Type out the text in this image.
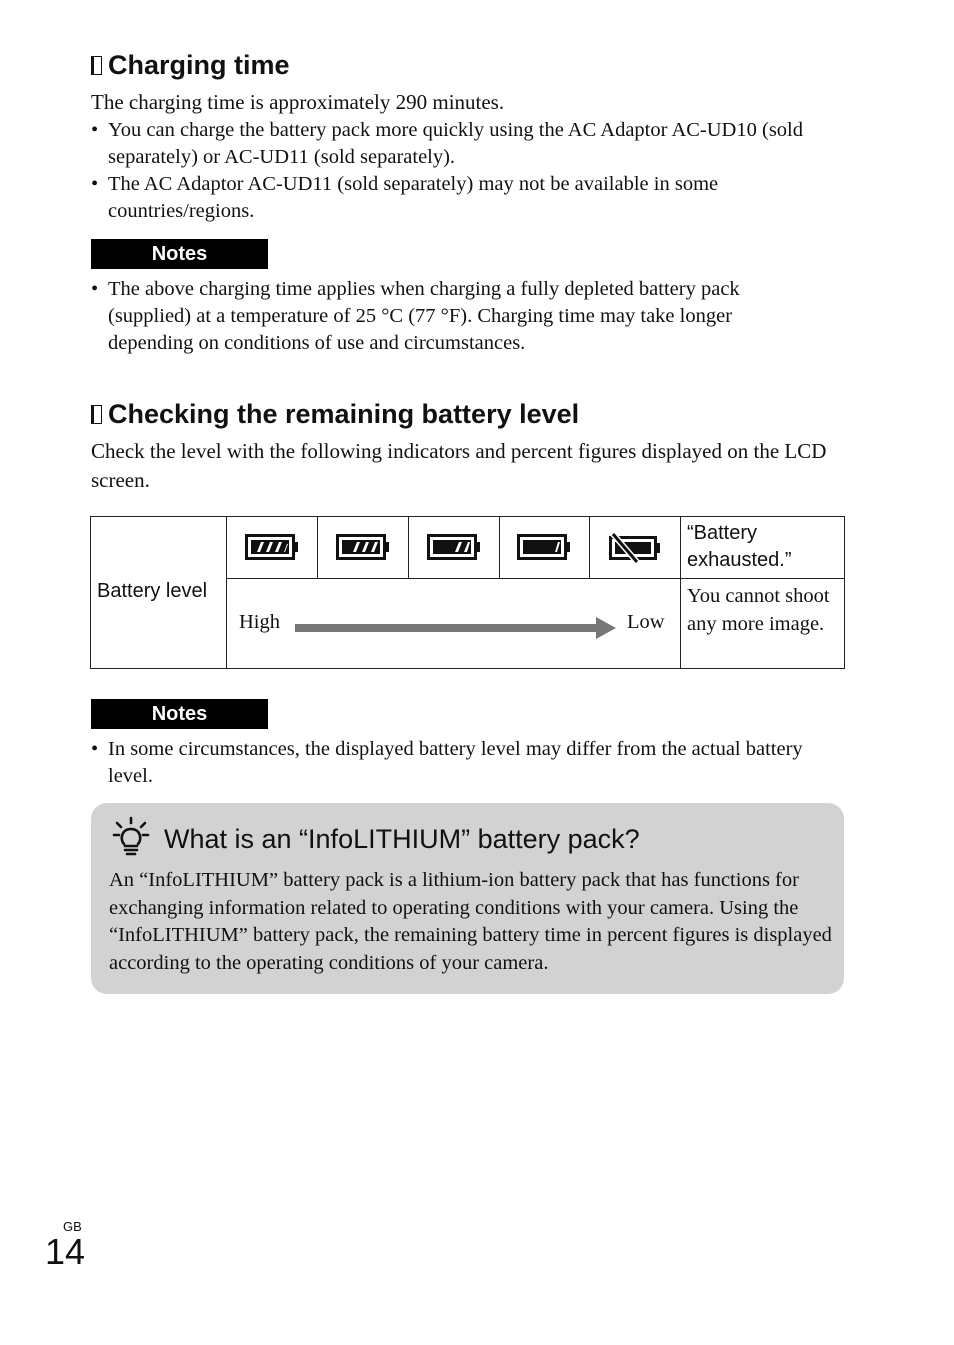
Charging time
The charging time is approximately 290 minutes.
• You can charge the battery pack more quickly using the AC Adaptor AC-UD10 (sold separately) or AC-UD11 (sold separately).
• The AC Adaptor AC-UD11 (sold separately) may not be available in some countries/regions.
Notes
• The above charging time applies when charging a fully depleted battery pack (supplied) at a temperature of 25 °C (77 °F). Charging time may take longer depending on conditions of use and circumstances.
Checking the remaining battery level
Check the level with the following indicators and percent figures displayed on the LCD screen.
Battery level
“Battery exhausted.”
High	Low
You cannot shoot any more image.
Notes
• In some circumstances, the displayed battery level may differ from the actual battery level.
What is an “InfoLITHIUM” battery pack?
An “InfoLITHIUM” battery pack is a lithium-ion battery pack that has functions for exchanging information related to operating conditions with your camera. Using the “InfoLITHIUM” battery pack, the remaining battery time in percent figures is displayed according to the operating conditions of your camera.
GB
14
